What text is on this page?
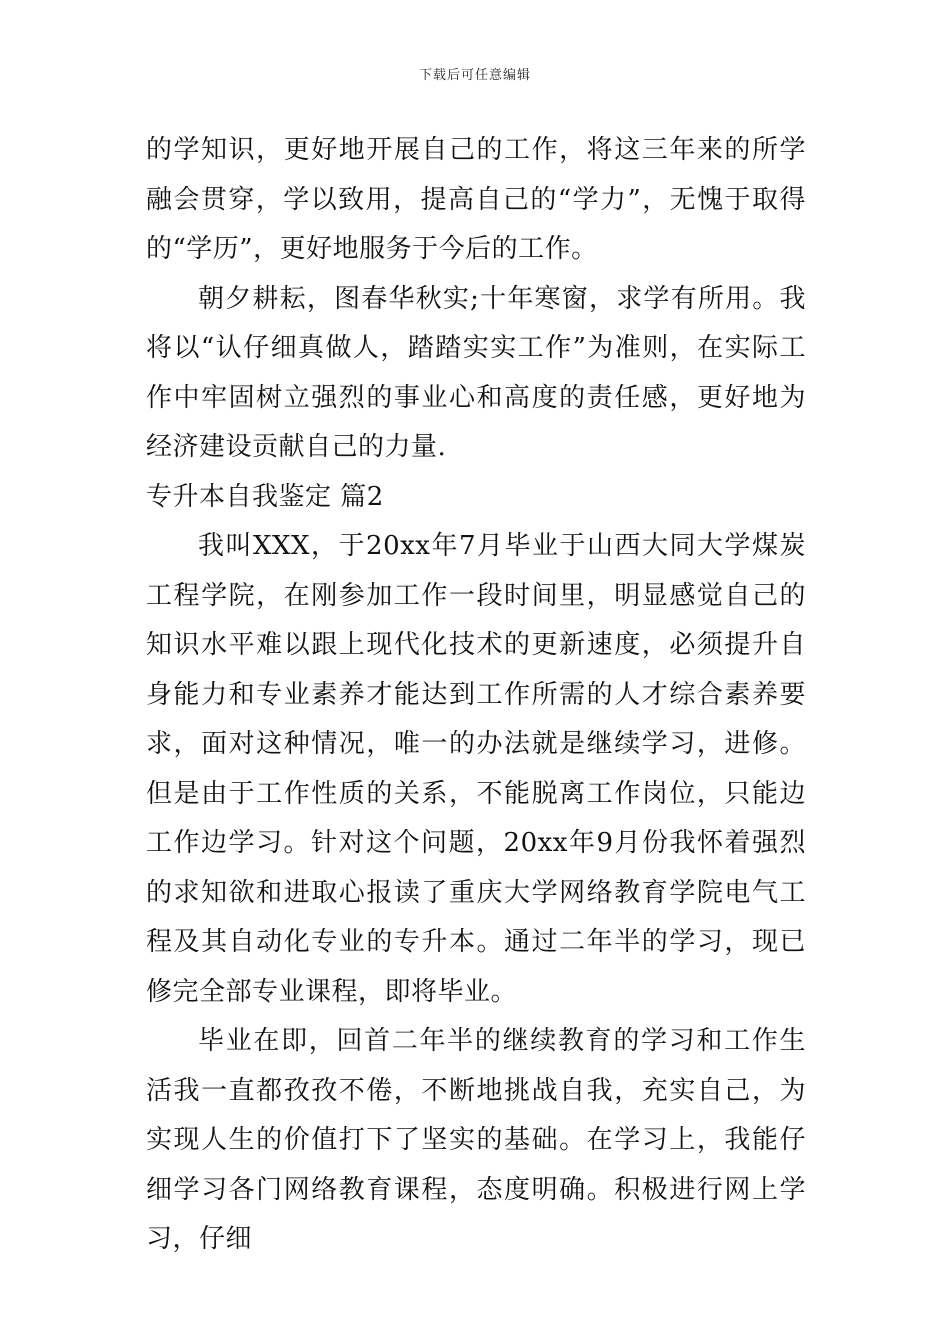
下载后可任意编辑

的学知识，更好地开展自己的工作，将这三年来的所学融会贯穿，学以致用，提高自己的“学力”，无愧于取得的“学历”，更好地服务于今后的工作。

朝夕耕耘，图春华秋实;十年寒窗，求学有所用。我将以“认仔细真做人，踏踏实实工作”为准则，在实际工作中牢固树立强烈的事业心和高度的责任感，更好地为经济建设贡献自己的力量.

专升本自我鉴定 篇2

我叫XXX，于20xx年7月毕业于山西大同大学煤炭工程学院，在刚参加工作一段时间里，明显感觉自己的知识水平难以跟上现代化技术的更新速度，必须提升自身能力和专业素养才能达到工作所需的人才综合素养要求，面对这种情况，唯一的办法就是继续学习，进修。但是由于工作性质的关系，不能脱离工作岗位，只能边工作边学习。针对这个问题，20xx年9月份我怀着强烈的求知欲和进取心报读了重庆大学网络教育学院电气工程及其自动化专业的专升本。通过二年半的学习，现已修完全部专业课程，即将毕业。

毕业在即，回首二年半的继续教育的学习和工作生活我一直都孜孜不倦，不断地挑战自我，充实自己，为实现人生的价值打下了坚实的基础。在学习上，我能仔细学习各门网络教育课程，态度明确。积极进行网上学习，仔细
